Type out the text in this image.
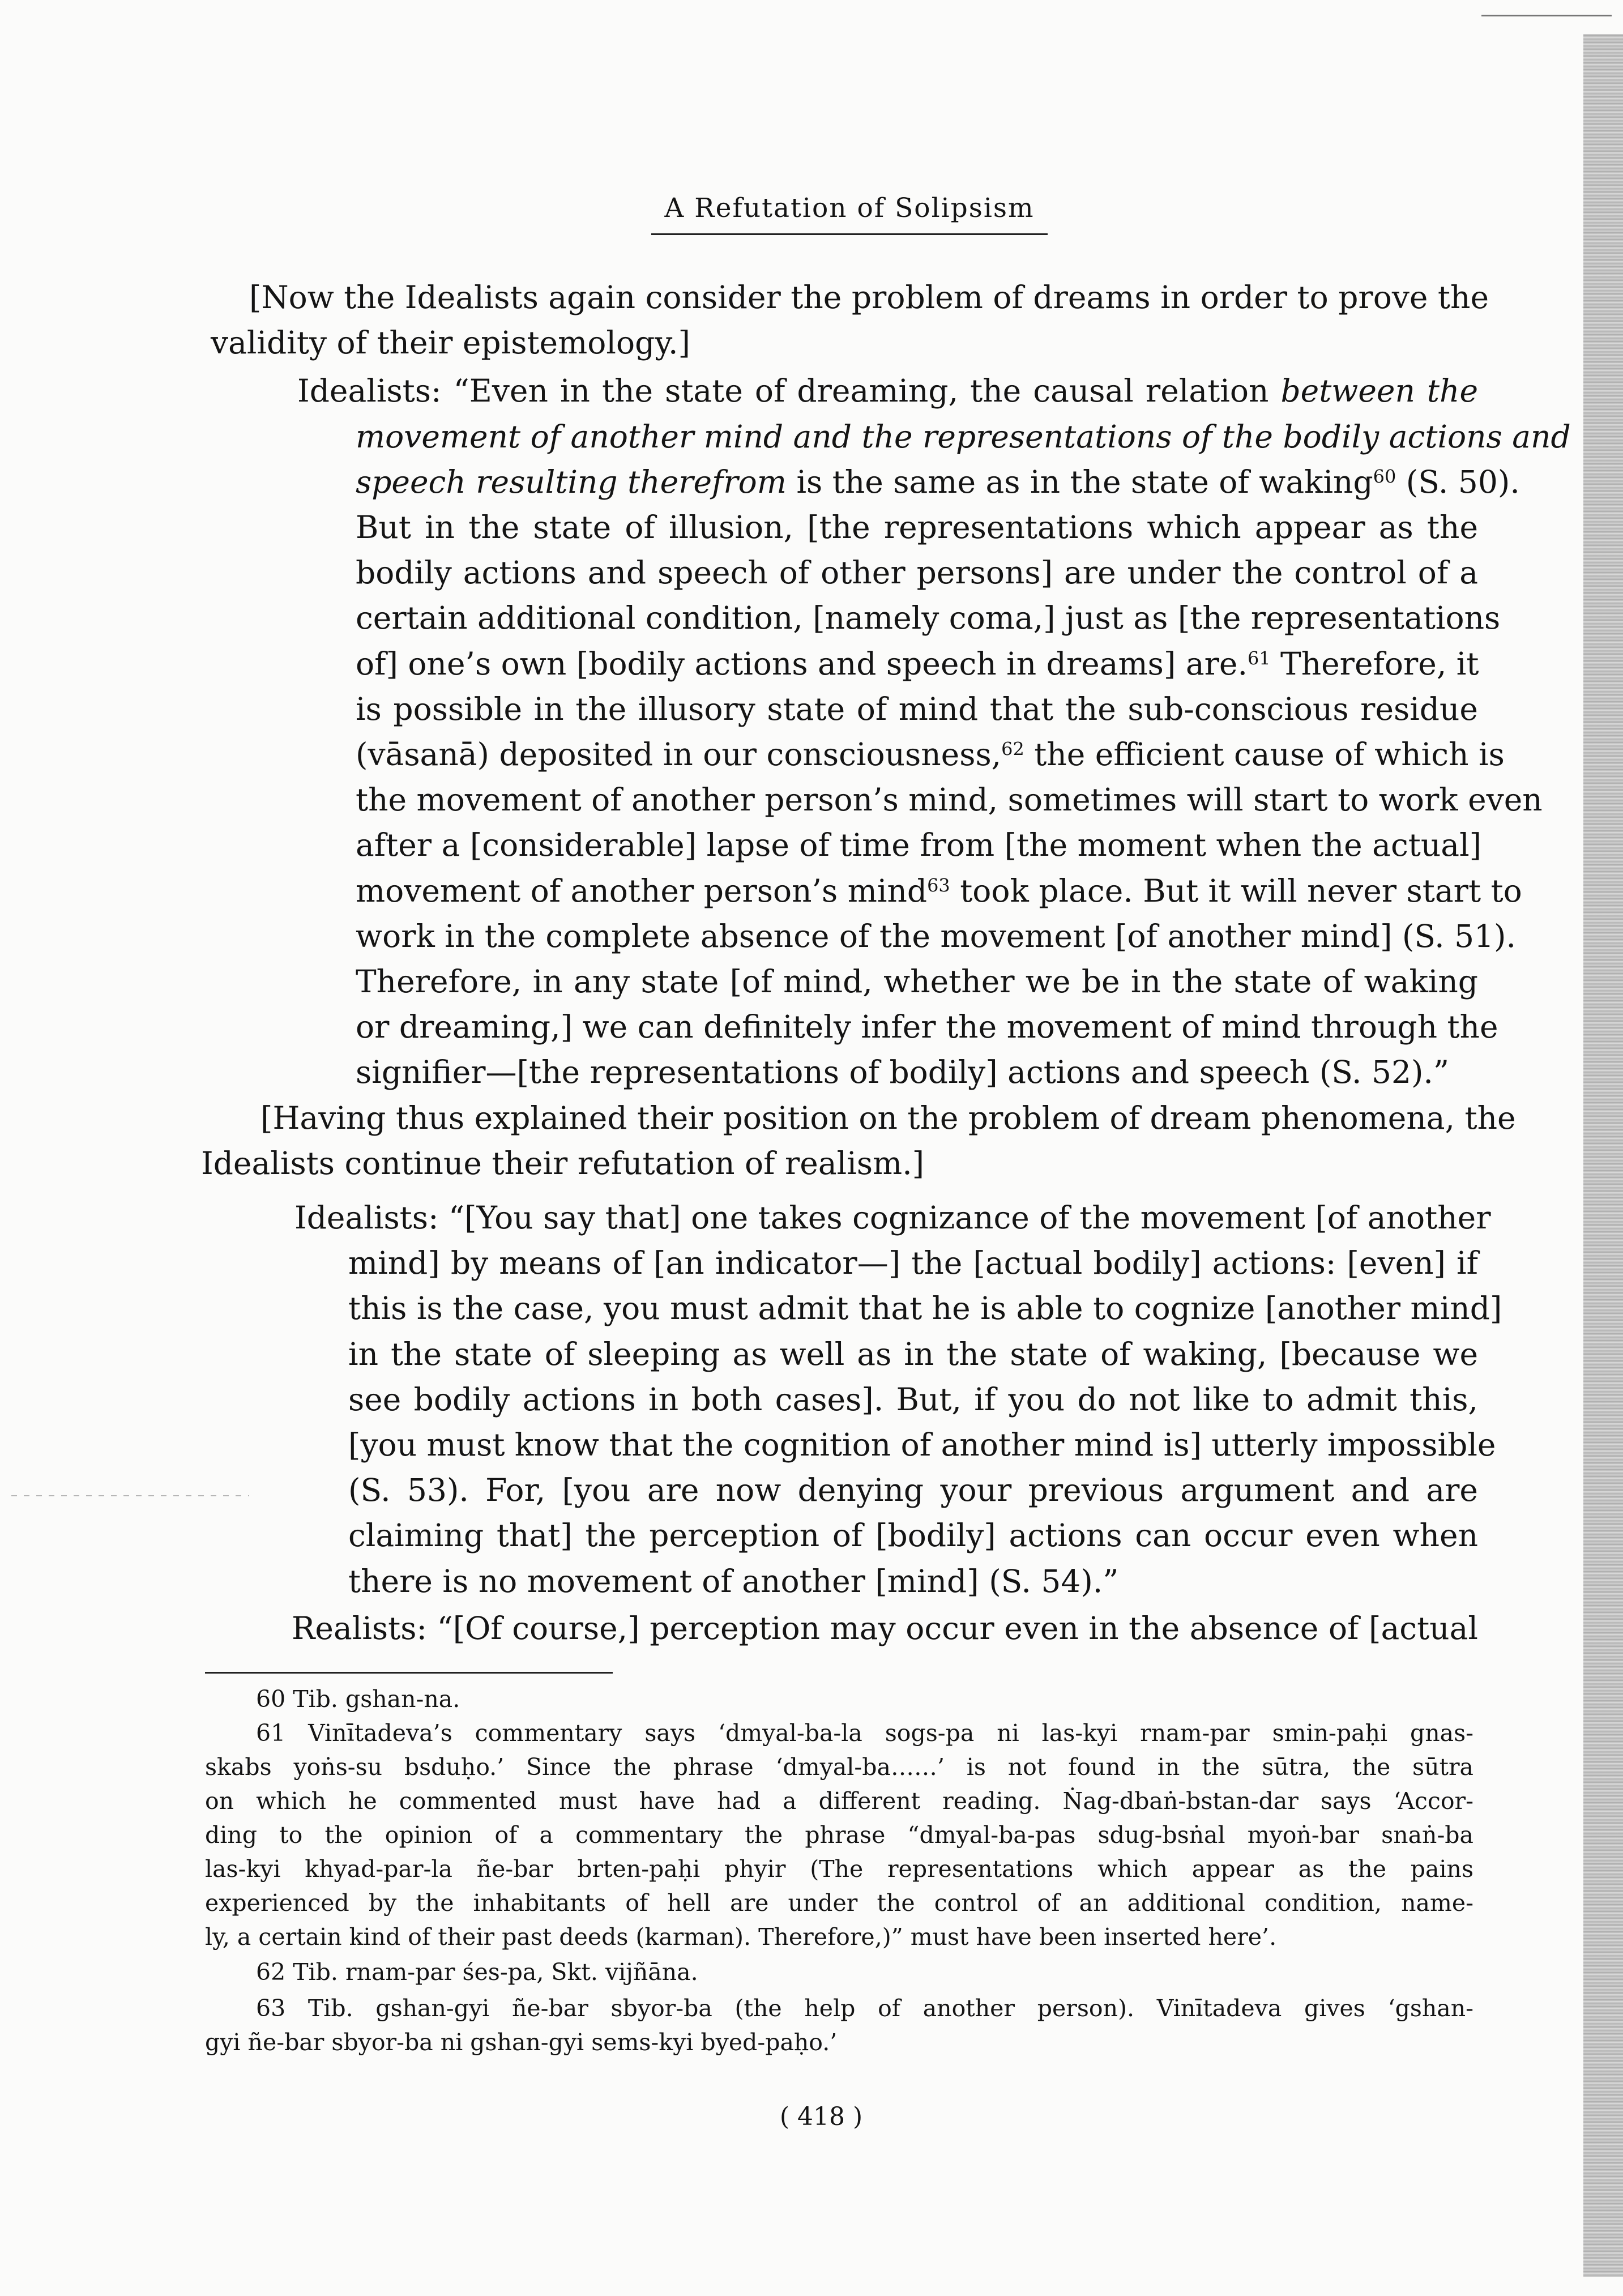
A Refutation of Solipsism
[Now the Idealists again consider the problem of dreams in order to prove the
validity of their epistemology.]
Idealists: “Even in the state of dreaming, the causal relation between the
movement of another mind and the representations of the bodily actions and
speech resulting therefrom is the same as in the state of waking$^{60}$ (S. 50).
But in the state of illusion, [the representations which appear as the
bodily actions and speech of other persons] are under the control of a
certain additional condition, [namely coma,] just as [the representations
of] one’s own [bodily actions and speech in dreams] are.$^{61}$ Therefore, it
is possible in the illusory state of mind that the sub-conscious residue
(vāsanā) deposited in our consciousness,$^{62}$ the efficient cause of which is
the movement of another person’s mind, sometimes will start to work even
after a [considerable] lapse of time from [the moment when the actual]
movement of another person’s mind$^{63}$ took place. But it will never start to
work in the complete absence of the movement [of another mind] (S. 51).
Therefore, in any state [of mind, whether we be in the state of waking
or dreaming,] we can definitely infer the movement of mind through the
signifier—[the representations of bodily] actions and speech (S. 52).”
[Having thus explained their position on the problem of dream phenomena, the
Idealists continue their refutation of realism.]
Idealists: “[You say that] one takes cognizance of the movement [of another
mind] by means of [an indicator—] the [actual bodily] actions: [even] if
this is the case, you must admit that he is able to cognize [another mind]
in the state of sleeping as well as in the state of waking, [because we
see bodily actions in both cases]. But, if you do not like to admit this,
[you must know that the cognition of another mind is] utterly impossible
(S. 53). For, [you are now denying your previous argument and are
claiming that] the perception of [bodily] actions can occur even when
there is no movement of another [mind] (S. 54).”
Realists: “[Of course,] perception may occur even in the absence of [actual
60 Tib. gshan-na.
61 Vinītadeva’s commentary says ‘dmyal-ba-la sogs-pa ni las-kyi rnam-par smin-paḥi gnas-
skabs yoṅs-su bsduḥo.’ Since the phrase ‘dmyal-ba……’ is not found in the sūtra, the sūtra
on which he commented must have had a different reading. Ṅag-dbaṅ-bstan-dar says ‘Accor-
ding to the opinion of a commentary the phrase “dmyal-ba-pas sdug-bsṅal myoṅ-bar snaṅ-ba
las-kyi khyad-par-la ñe-bar brten-paḥi phyir (The representations which appear as the pains
experienced by the inhabitants of hell are under the control of an additional condition, name-
ly, a certain kind of their past deeds (karman). Therefore,)” must have been inserted here’.
62 Tib. rnam-par śes-pa, Skt. vijñāna.
63 Tib. gshan-gyi ñe-bar sbyor-ba (the help of another person). Vinītadeva gives ‘gshan-
gyi ñe-bar sbyor-ba ni gshan-gyi sems-kyi byed-paḥo.’
( 418 )
